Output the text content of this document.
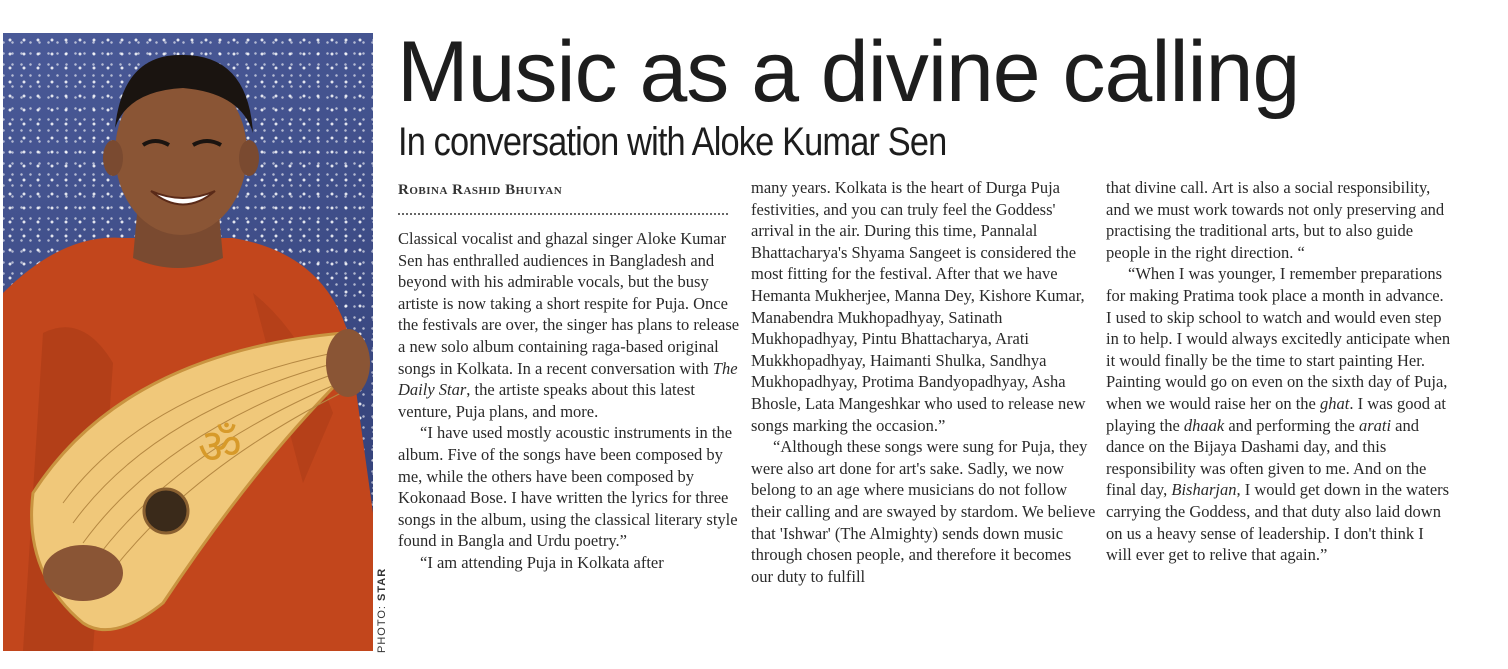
ॐ
PHOTO: STAR
Music as a divine calling
In conversation with Aloke Kumar Sen
Robina Rashid Bhuiyan

Classical vocalist and ghazal singer Aloke Kumar Sen has enthralled audiences in Bangladesh and beyond with his admirable vocals, but the busy artiste is now taking a short respite for Puja. Once the festivals are over, the singer has plans to release a new solo album containing raga-based original songs in Kolkata. In a recent conversation with The Daily Star, the artiste speaks about this latest venture, Puja plans, and more.

“I have used mostly acoustic instruments in the album. Five of the songs have been composed by me, while the others have been composed by Kokonaad Bose. I have written the lyrics for three songs in the album, using the classical literary style found in Bangla and Urdu poetry.”

“I am attending Puja in Kolkata after

many years. Kolkata is the heart of Durga Puja festivities, and you can truly feel the Goddess' arrival in the air. During this time, Pannalal Bhattacharya's Shyama Sangeet is considered the most fitting for the festival. After that we have Hemanta Mukherjee, Manna Dey, Kishore Kumar, Manabendra Mukhopadhyay, Satinath Mukhopadhyay, Pintu Bhattacharya, Arati Mukkhopadhyay, Haimanti Shulka, Sandhya Mukhopadhyay, Protima Bandyopadhyay, Asha Bhosle, Lata Mangeshkar who used to release new songs marking the occasion.”

“Although these songs were sung for Puja, they were also art done for art's sake. Sadly, we now belong to an age where musicians do not follow their calling and are swayed by stardom. We believe that 'Ishwar' (The Almighty) sends down music through chosen people, and therefore it becomes our duty to fulfill

that divine call. Art is also a social responsibility, and we must work towards not only preserving and practising the traditional arts, but to also guide people in the right direction. “

“When I was younger, I remember preparations for making Pratima took place a month in advance. I used to skip school to watch and would even step in to help. I would always excitedly anticipate when it would finally be the time to start painting Her. Painting would go on even on the sixth day of Puja, when we would raise her on the ghat. I was good at playing the dhaak and performing the arati and dance on the Bijaya Dashami day, and this responsibility was often given to me. And on the final day, Bisharjan, I would get down in the waters carrying the Goddess, and that duty also laid down on us a heavy sense of leadership. I don't think I will ever get to relive that again.”
